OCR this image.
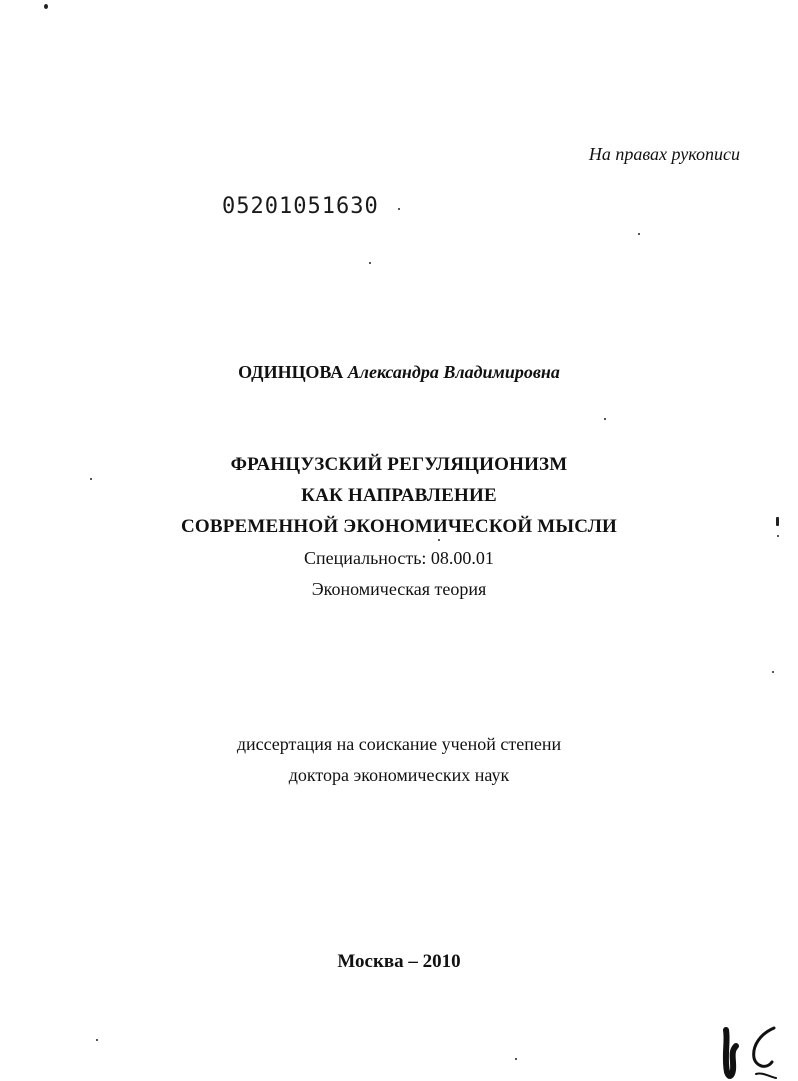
На правах рукописи
05201051630
ОДИНЦОВА Александра Владимировна
ФРАНЦУЗСКИЙ РЕГУЛЯЦИОНИЗМ
КАК НАПРАВЛЕНИЕ
СОВРЕМЕННОЙ ЭКОНОМИЧЕСКОЙ МЫСЛИ
Специальность: 08.00.01
Экономическая теория
диссертация на соискание ученой степени
доктора экономических наук
Москва – 2010
